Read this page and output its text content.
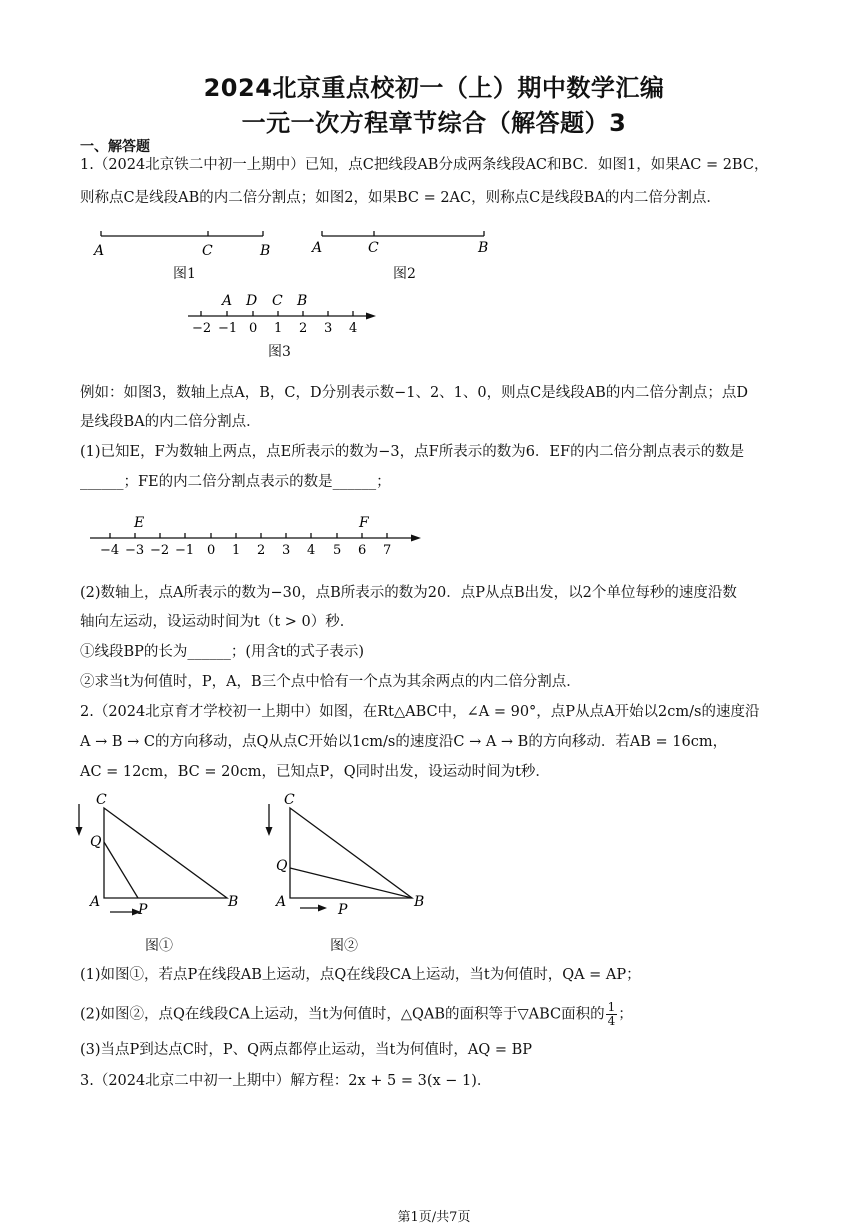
2024北京重点校初一（上）期中数学汇编
一元一次方程章节综合（解答题）3
一、解答题
1.（2024北京铁二中初一上期中）已知，点C把线段AB分成两条线段AC和BC．如图1，如果AC = 2BC，
则称点C是线段AB的内二倍分割点；如图2，如果BC = 2AC，则称点C是线段BA的内二倍分割点．
A	C	B	A	C	B
图1	图2
A D C B
−2 −1 0 1 2 3 4
图3
例如：如图3，数轴上点A，B，C，D分别表示数−1、2、1、0，则点C是线段AB的内二倍分割点；点D
是线段BA的内二倍分割点．
(1)已知E，F为数轴上两点，点E所表示的数为−3，点F所表示的数为6．EF的内二倍分割点表示的数是
______；FE的内二倍分割点表示的数是______；
E	F
−4 −3 −2 −1 0 1 2 3 4 5 6 7
(2)数轴上，点A所表示的数为−30，点B所表示的数为20．点P从点B出发，以2个单位每秒的速度沿数
轴向左运动，设运动时间为t（t > 0）秒．
①线段BP的长为______；(用含t的式子表示)
②求当t为何值时，P，A，B三个点中恰有一个点为其余两点的内二倍分割点．
2.（2024北京育才学校初一上期中）如图，在Rt△ABC中，∠A = 90°，点P从点A开始以2cm/s的速度沿
A → B → C的方向移动，点Q从点C开始以1cm/s的速度沿C → A → B的方向移动．若AB = 16cm，
AC = 12cm，BC = 20cm，已知点P，Q同时出发，设运动时间为t秒．
C
Q
A	P	B
C
Q
A	P	B
图①	图②
(1)如图①，若点P在线段AB上运动，点Q在线段CA上运动，当t为何值时，QA = AP；
(2)如图②，点Q在线段CA上运动，当t为何值时，△QAB的面积等于▽ABC面积的 $\frac{1}{4}$ ；
(3)当点P到达点C时，P、Q两点都停止运动，当t为何值时，AQ = BP
3.（2024北京二中初一上期中）解方程：2x + 5 = 3(x − 1)．
第1页/共7页
